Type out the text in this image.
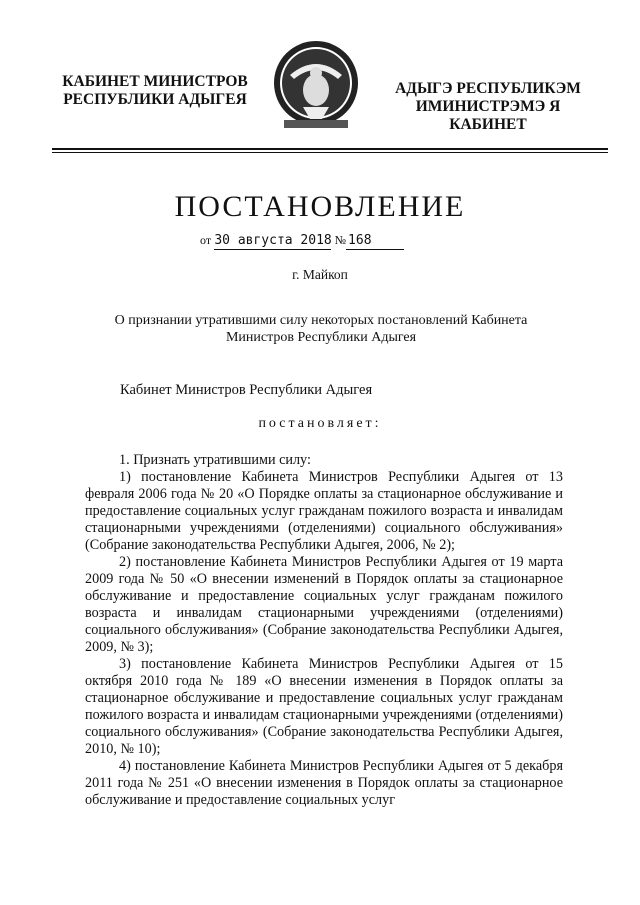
КАБИНЕТ МИНИСТРОВ
РЕСПУБЛИКИ АДЫГЕЯ
АДЫГЭ РЕСПУБЛИКЭМ
ИМИНИСТРЭМЭ Я КАБИНЕТ
ПОСТАНОВЛЕНИЕ
от 30 августа 2018 № 168
г. Майкоп
О признании утратившими силу некоторых постановлений Кабинета Министров Республики Адыгея
Кабинет Министров Республики Адыгея
постановляет:

1. Признать утратившими силу:

1) постановление Кабинета Министров Республики Адыгея от 13 февраля 2006 года № 20 «О Порядке оплаты за стационарное обслуживание и предоставление социальных услуг гражданам пожилого возраста и инвалидам стационарными учреждениями (отделениями) социального обслуживания» (Собрание законодательства Республики Адыгея, 2006, № 2);

2) постановление Кабинета Министров Республики Адыгея от 19 марта 2009 года № 50 «О внесении изменений в Порядок оплаты за стационарное обслуживание и предоставление социальных услуг гражданам пожилого возраста и инвалидам стационарными учреждениями (отделениями) социального обслуживания» (Собрание законодательства Республики Адыгея, 2009, № 3);

3) постановление Кабинета Министров Республики Адыгея от 15 октября 2010 года № 189 «О внесении изменения в Порядок оплаты за стационарное обслуживание и предоставление социальных услуг гражданам пожилого возраста и инвалидам стационарными учреждениями (отделениями) социального обслуживания» (Собрание законодательства Республики Адыгея, 2010, № 10);

4) постановление Кабинета Министров Республики Адыгея от 5 декабря 2011 года № 251 «О внесении изменения в Порядок оплаты за стационарное обслуживание и предоставление социальных услуг
